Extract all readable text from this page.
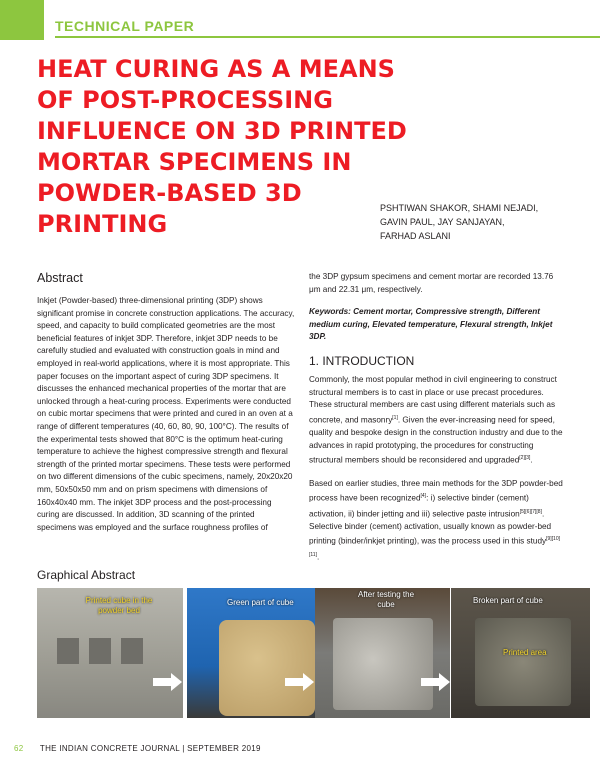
TECHNICAL PAPER
HEAT CURING AS A MEANS OF POST-PROCESSING INFLUENCE ON 3D PRINTED MORTAR SPECIMENS IN POWDER-BASED 3D PRINTING
PSHTIWAN SHAKOR, SHAMI NEJADI,
GAVIN PAUL, JAY SANJAYAN,
FARHAD ASLANI
Abstract

Inkjet (Powder-based) three-dimensional printing (3DP) shows significant promise in concrete construction applications. The accuracy, speed, and capacity to build complicated geometries are the most beneficial features of inkjet 3DP. Therefore, inkjet 3DP needs to be carefully studied and evaluated with construction goals in mind and employed in real-world applications, where it is most appropriate. This paper focuses on the important aspect of curing 3DP specimens. It discusses the enhanced mechanical properties of the mortar that are unlocked through a heat-curing process. Experiments were conducted on cubic mortar specimens that were printed and cured in an oven at a range of different temperatures (40, 60, 80, 90, 100°C). The results of the experimental tests showed that 80°C is the optimum heat-curing temperature to achieve the highest compressive strength and flexural strength of the printed mortar specimens. These tests were performed on two different dimensions of the cubic specimens, namely, 20x20x20 mm, 50x50x50 mm and on prism specimens with dimensions of 160x40x40 mm. The inkjet 3DP process and the post-processing curing are discussed. In addition, 3D scanning of the printed specimens was employed and the surface roughness profiles of

the 3DP gypsum specimens and cement mortar are recorded 13.76 μm and 22.31 μm, respectively.

Keywords: Cement mortar, Compressive strength, Different medium curing, Elevated temperature, Flexural strength, Inkjet 3DP.

1. INTRODUCTION

Commonly, the most popular method in civil engineering to construct structural members is to cast in place or use precast procedures. These structural members are cast using different materials such as concrete, and masonry[1]. Given the ever-increasing need for speed, quality and bespoke design in the construction industry and due to the advances in rapid prototyping, the procedures for constructing structural members should be reconsidered and upgraded[2][3].

Based on earlier studies, three main methods for the 3DP powder-bed process have been recognized[4]: i) selective binder (cement) activation, ii) binder jetting and iii) selective paste intrusion[5][6][7][8]. Selective binder (cement) activation, usually known as powder-bed printing (binder/inkjet printing), was the process used in this study[9][10][11].

Graphical Abstract
Printed cube in the powder bed
Green part of cube
After testing the cube	Broken part of cube
Printed area
62 THE INDIAN CONCRETE JOURNAL | SEPTEMBER 2019
